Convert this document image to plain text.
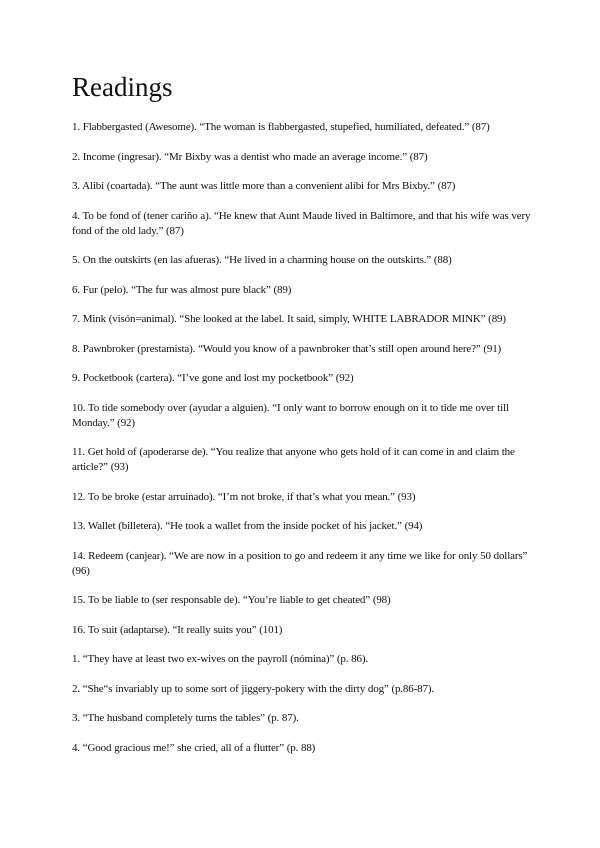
Readings

1. Flabbergasted (Awesome). “The woman is flabbergasted, stupefied, humiliated, defeated.” (87)

2. Income (ingresar). “Mr Bixby was a dentist who made an average income.” (87)

3. Alibi (coartada). “The aunt was little more than a convenient alibi for Mrs Bixby.” (87)

4. To be fond of (tener cariño a). “He knew that Aunt Maude lived in Baltimore, and that his wife was very fond of the old lady.” (87)

5. On the outskirts (en las afueras). “He lived in a charming house on the outskirts.” (88)

6. Fur (pelo). “The fur was almost pure black” (89)

7. Mink (visón=animal). “She looked at the label. It said, simply, WHITE LABRADOR MINK” (89)

8. Pawnbroker (prestamista). “Would you know of a pawnbroker that’s still open around here?” (91)

9. Pocketbook (cartera). “I’ve gone and lost my pocketbook” (92)

10. To tide somebody over (ayudar a alguien). “I only want to borrow enough on it to tide me over till Monday.” (92)

11. Get hold of (apoderarse de). “You realize that anyone who gets hold of it can come in and claim the article?” (93)

12. To be broke (estar arruinado). “I’m not broke, if that’s what you mean.” (93)

13. Wallet (billetera). “He took a wallet from the inside pocket of his jacket.” (94)

14. Redeem (canjear). “We are now in a position to go and redeem it any time we like for only 50 dollars” (96)

15. To be liable to (ser responsable de). “You’re liable to get cheated” (98)

16. To suit (adaptarse). “It really suits you” (101)

1. “They have at least two ex-wives on the payroll (nómina)” (p. 86).

2. “She“s invariably up to some sort of jiggery-pokery with the dirty dog” (p.86-87).

3. “The husband completely turns the tables” (p. 87).

4. “Good gracious me!” she cried, all of a flutter” (p. 88)
